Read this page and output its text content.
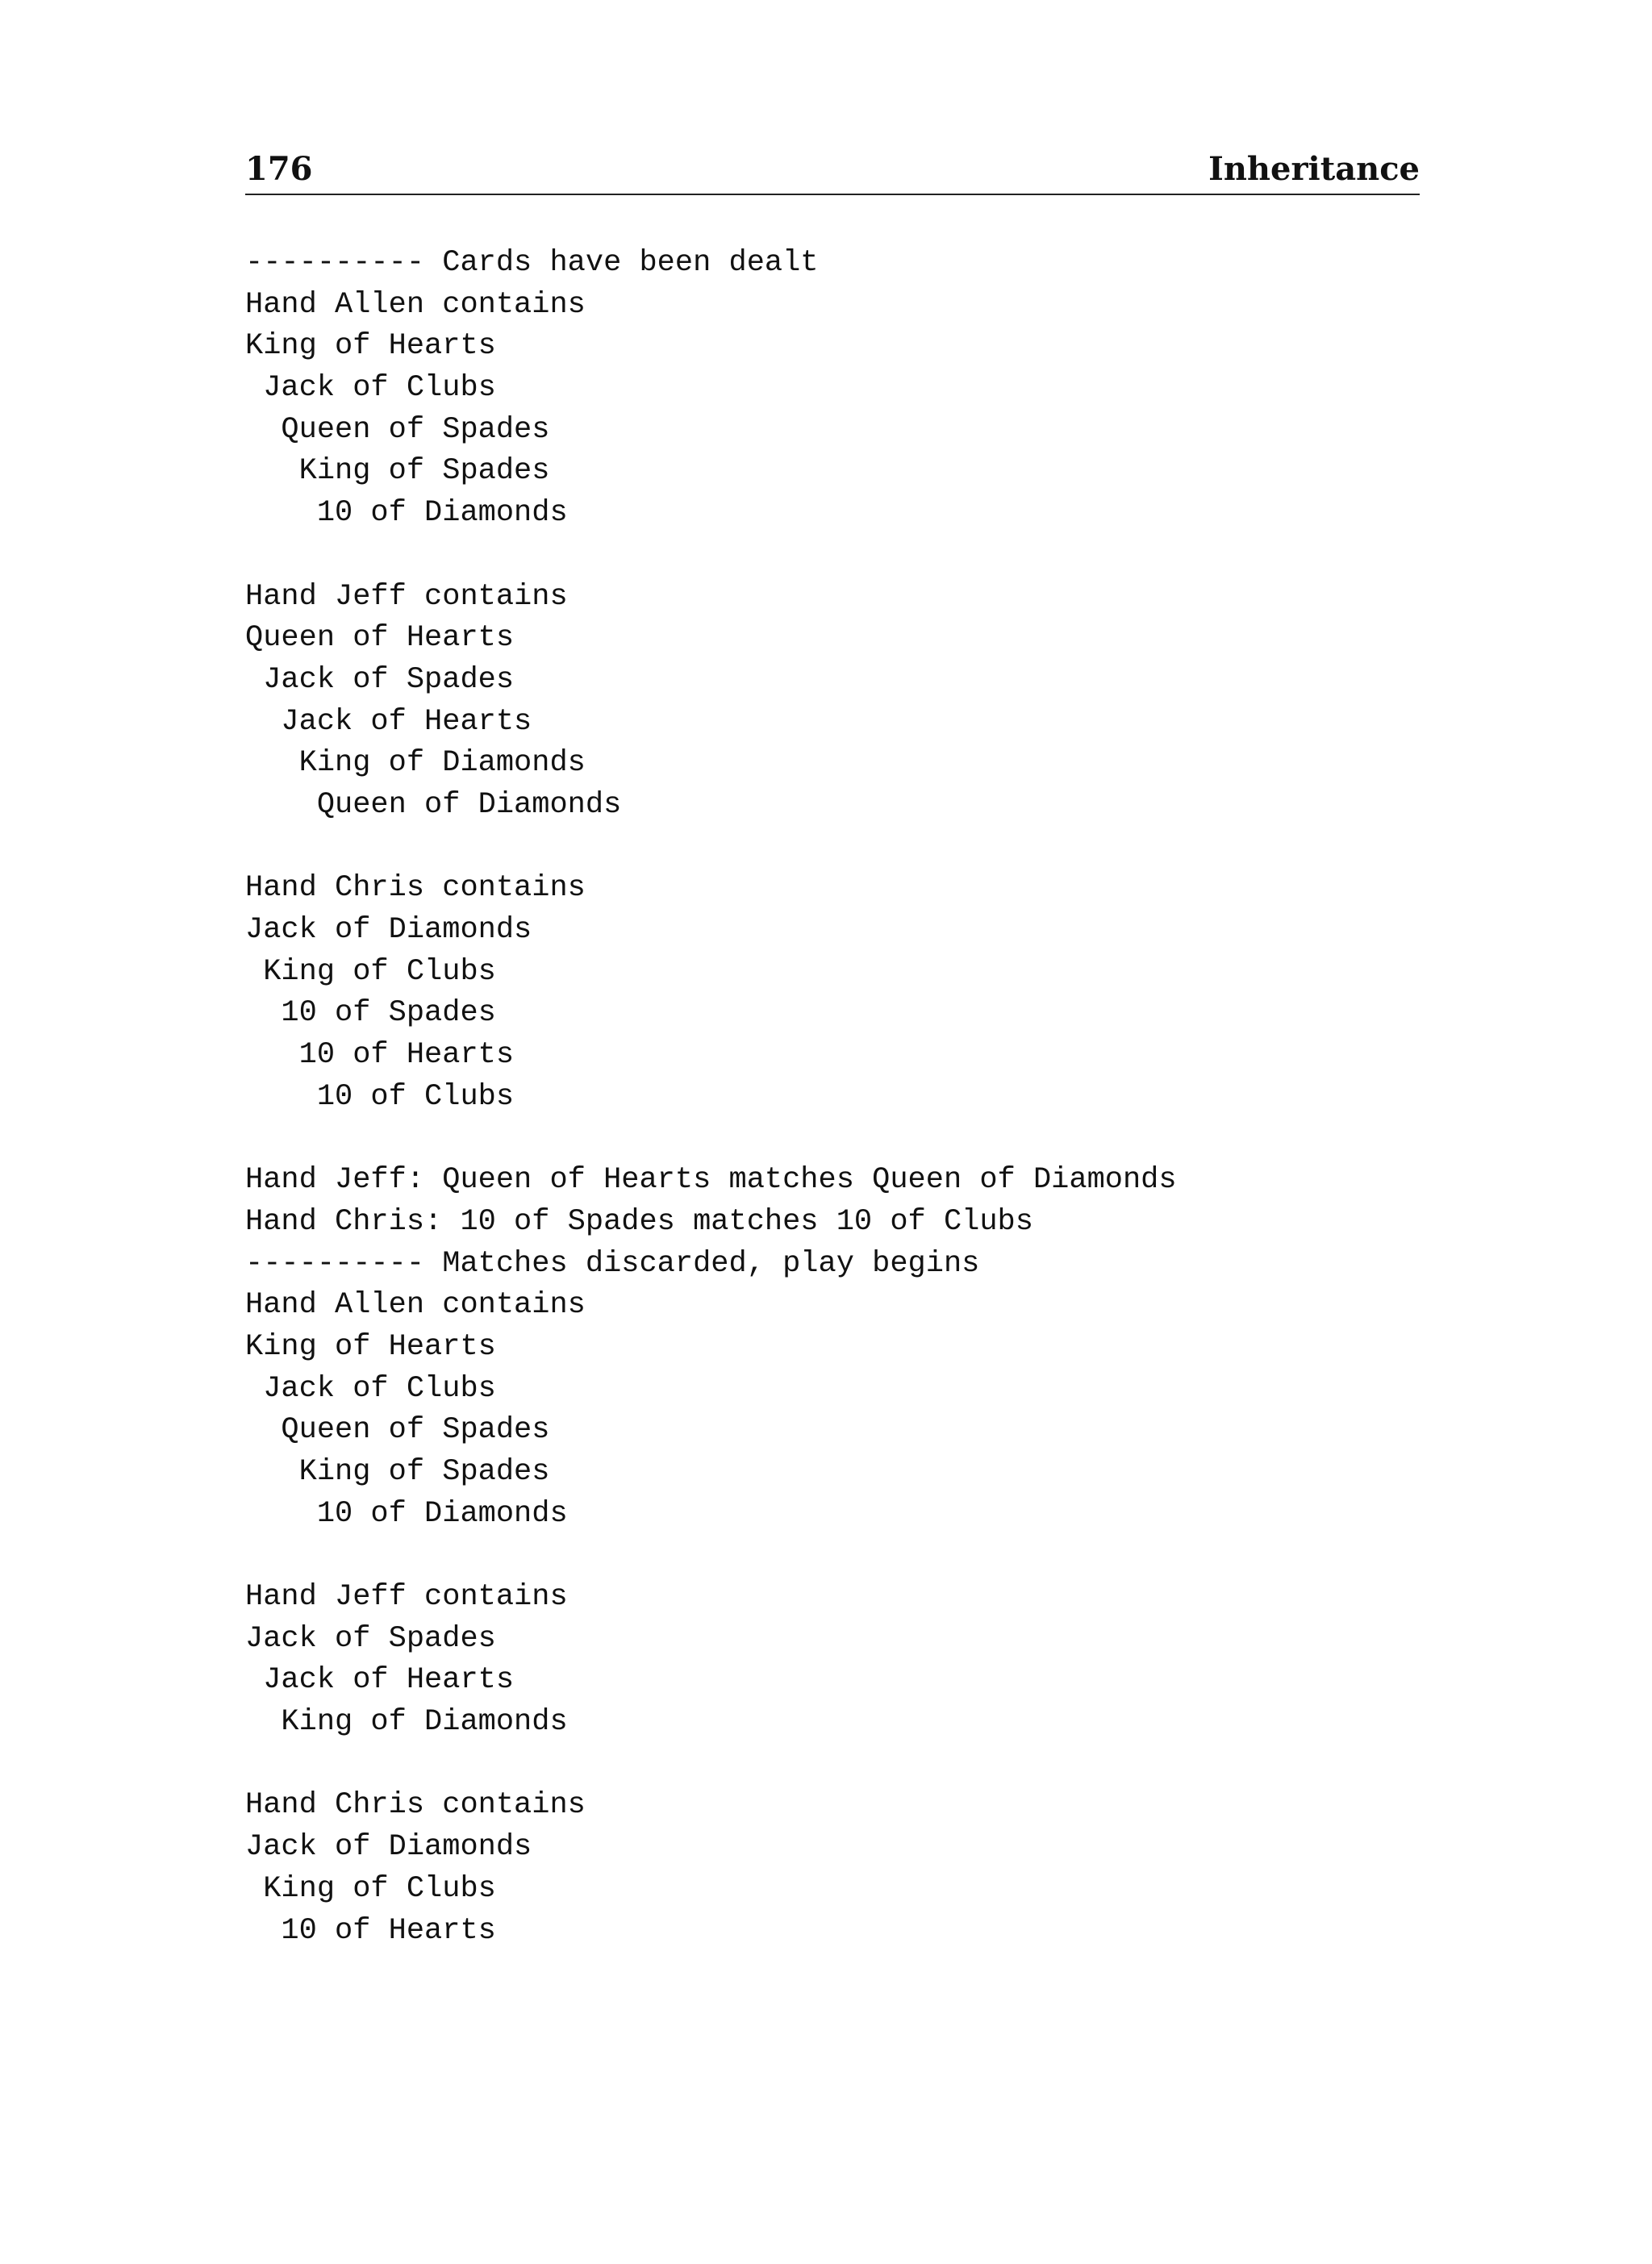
176	Inheritance
---------- Cards have been dealt
Hand Allen contains
King of Hearts
Jack of Clubs
Queen of Spades
King of Spades
10 of Diamonds
Hand Jeff contains
Queen of Hearts
Jack of Spades
Jack of Hearts
King of Diamonds
Queen of Diamonds
Hand Chris contains
Jack of Diamonds
King of Clubs
10 of Spades
10 of Hearts
10 of Clubs
Hand Jeff: Queen of Hearts matches Queen of Diamonds
Hand Chris: 10 of Spades matches 10 of Clubs
---------- Matches discarded, play begins
Hand Allen contains
King of Hearts
Jack of Clubs
Queen of Spades
King of Spades
10 of Diamonds
Hand Jeff contains
Jack of Spades
Jack of Hearts
King of Diamonds
Hand Chris contains
Jack of Diamonds
King of Clubs
10 of Hearts
